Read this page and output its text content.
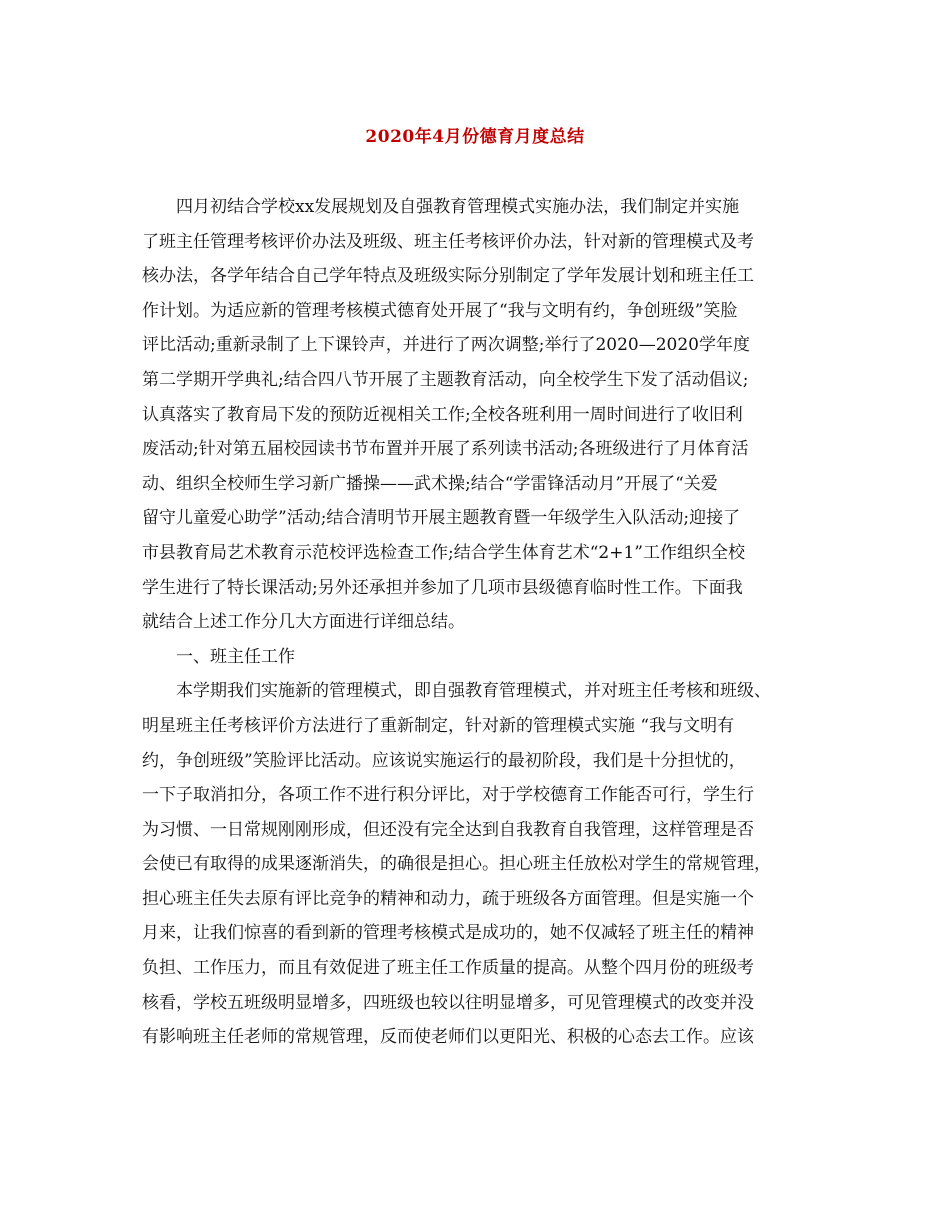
2020年4月份德育月度总结
四月初结合学校xx发展规划及自强教育管理模式实施办法，我们制定并实施
了班主任管理考核评价办法及班级、班主任考核评价办法，针对新的管理模式及考
核办法，各学年结合自己学年特点及班级实际分别制定了学年发展计划和班主任工
作计划。为适应新的管理考核模式德育处开展了“我与文明有约，争创班级”笑脸
评比活动;重新录制了上下课铃声，并进行了两次调整;举行了2020—2020学年度
第二学期开学典礼;结合四八节开展了主题教育活动，向全校学生下发了活动倡议;
认真落实了教育局下发的预防近视相关工作;全校各班利用一周时间进行了收旧利
废活动;针对第五届校园读书节布置并开展了系列读书活动;各班级进行了月体育活
动、组织全校师生学习新广播操——武术操;结合“学雷锋活动月”开展了“关爱
留守儿童爱心助学”活动;结合清明节开展主题教育暨一年级学生入队活动;迎接了
市县教育局艺术教育示范校评选检查工作;结合学生体育艺术“2+1”工作组织全校
学生进行了特长课活动;另外还承担并参加了几项市县级德育临时性工作。下面我
就结合上述工作分几大方面进行详细总结。
一、班主任工作
本学期我们实施新的管理模式，即自强教育管理模式，并对班主任考核和班级、
明星班主任考核评价方法进行了重新制定，针对新的管理模式实施 “我与文明有
约，争创班级”笑脸评比活动。应该说实施运行的最初阶段，我们是十分担忧的，
一下子取消扣分，各项工作不进行积分评比，对于学校德育工作能否可行，学生行
为习惯、一日常规刚刚形成，但还没有完全达到自我教育自我管理，这样管理是否
会使已有取得的成果逐渐消失，的确很是担心。担心班主任放松对学生的常规管理，
担心班主任失去原有评比竞争的精神和动力，疏于班级各方面管理。但是实施一个
月来，让我们惊喜的看到新的管理考核模式是成功的，她不仅减轻了班主任的精神
负担、工作压力，而且有效促进了班主任工作质量的提高。从整个四月份的班级考
核看，学校五班级明显增多，四班级也较以往明显增多，可见管理模式的改变并没
有影响班主任老师的常规管理，反而使老师们以更阳光、积极的心态去工作。应该
